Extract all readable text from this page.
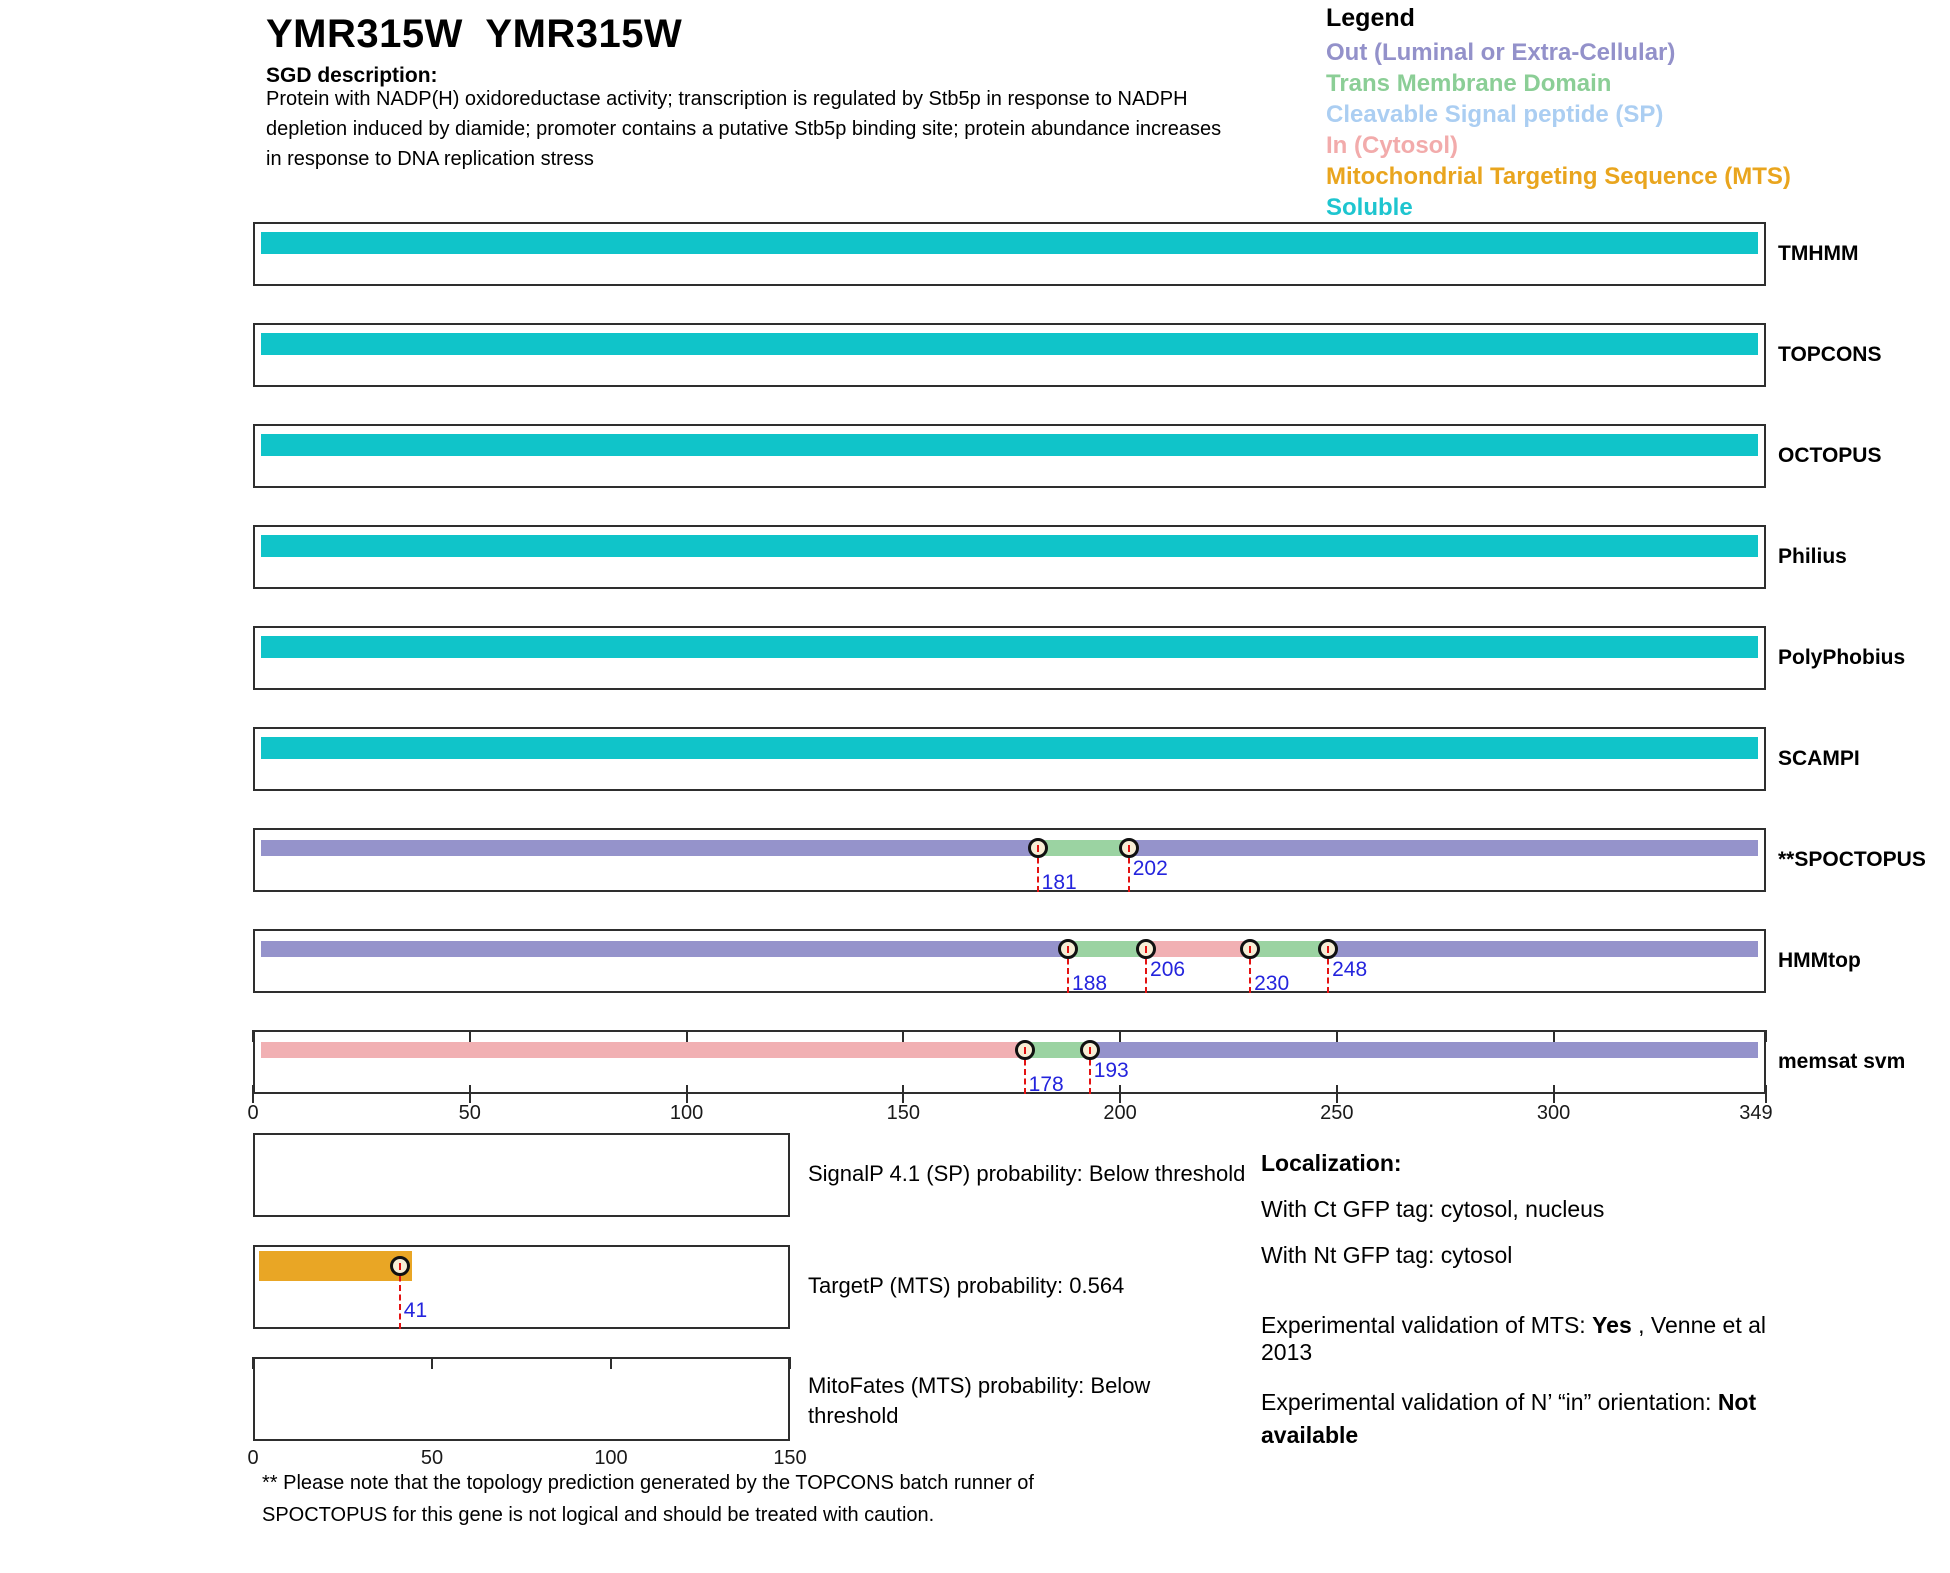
YMR315W  YMR315W
SGD description:
Protein with NADP(H) oxidoreductase activity; transcription is regulated by Stb5p in response to NADPH
depletion induced by diamide; promoter contains a putative Stb5p binding site; protein abundance increases
in response to DNA replication stress
Legend
Out (Luminal or Extra-Cellular)
Trans Membrane Domain
Cleavable Signal peptide (SP)
In (Cytosol)
Mitochondrial Targeting Sequence (MTS)
Soluble
TMHMM
TOPCONS
OCTOPUS
Philius
PolyPhobius
SCAMPI
181
202	**SPOCTOPUS
188
206
230
248	HMMtop
178
193	memsat svm
0	50	100	150	200	250	300	349
SignalP 4.1 (SP) probability: Below threshold
41
TargetP (MTS) probability: 0.564
0	50	100	150
MitoFates (MTS) probability: Below threshold
Localization:
With Ct GFP tag: cytosol, nucleus
With Nt GFP tag: cytosol
Experimental validation of MTS: Yes , Venne et al 2013
Experimental validation of N’ “in” orientation: Not available
** Please note that the topology prediction generated by the TOPCONS batch runner of
SPOCTOPUS for this gene is not logical and should be treated with caution.
